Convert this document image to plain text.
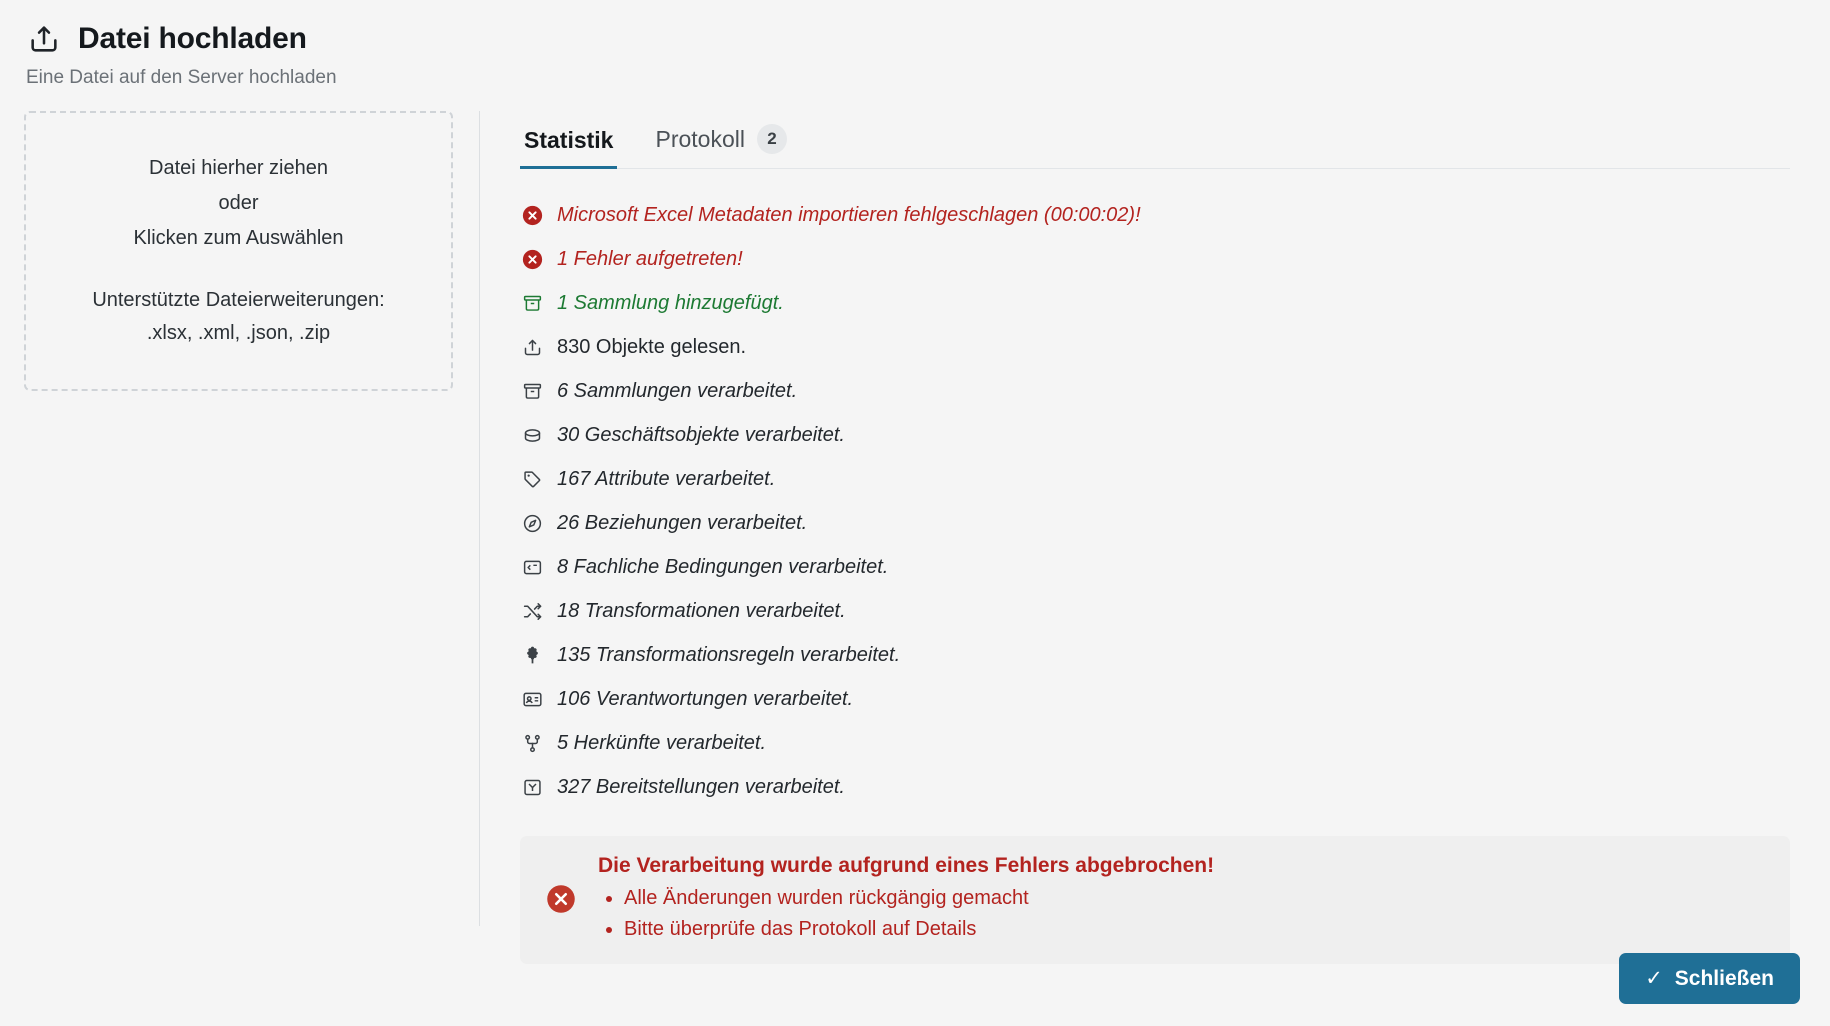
Datei hochladen
Eine Datei auf den Server hochladen
Datei hierher ziehen
oder
Klicken zum Auswählen
Unterstützte Dateierweiterungen:
.xlsx, .xml, .json, .zip
Statistik Protokoll	2
Microsoft Excel Metadaten importieren fehlgeschlagen (00:00:02)!
1 Fehler aufgetreten!
1 Sammlung hinzugefügt.
830 Objekte gelesen.
6 Sammlungen verarbeitet.
30 Geschäftsobjekte verarbeitet.
167 Attribute verarbeitet.
26 Beziehungen verarbeitet.
8 Fachliche Bedingungen verarbeitet.
18 Transformationen verarbeitet.
135 Transformationsregeln verarbeitet.
106 Verantwortungen verarbeitet.
5 Herkünfte verarbeitet.
327 Bereitstellungen verarbeitet.
Die Verarbeitung wurde aufgrund eines Fehlers abgebrochen!
• Alle Änderungen wurden rückgängig gemacht
• Bitte überprüfe das Protokoll auf Details
✓ Schließen
